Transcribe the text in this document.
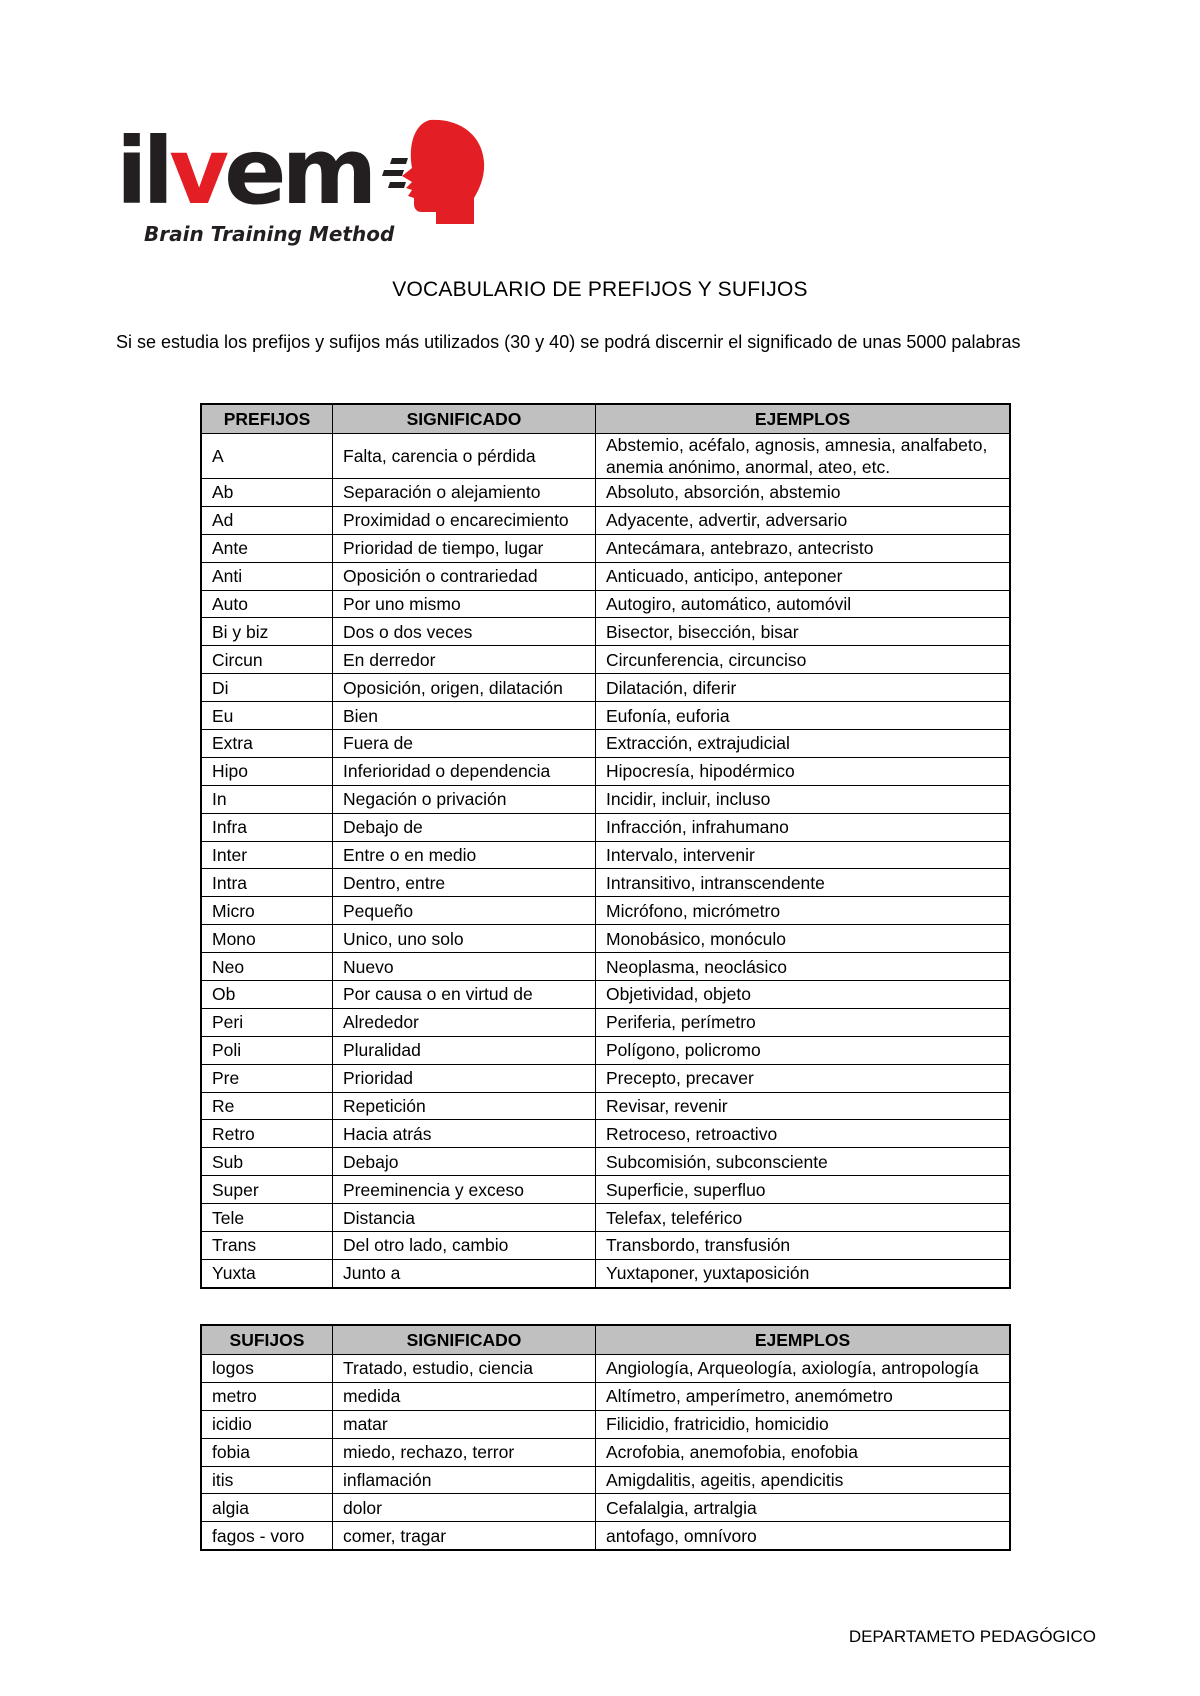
ilvem
Brain Training Method
VOCABULARIO DE PREFIJOS Y SUFIJOS
Si se estudia los prefijos y sufijos más utilizados (30 y 40) se podrá discernir el significado de unas 5000 palabras
PREFIJOS	SIGNIFICADO	EJEMPLOS
A	Falta, carencia o pérdida	Abstemio, acéfalo, agnosis, amnesia, analfabeto, anemia anónimo, anormal, ateo, etc.
Ab	Separación o alejamiento	Absoluto, absorción, abstemio
Ad	Proximidad o encarecimiento	Adyacente, advertir, adversario
Ante	Prioridad de tiempo, lugar	Antecámara, antebrazo, antecristo
Anti	Oposición o contrariedad	Anticuado, anticipo, anteponer
Auto	Por uno mismo	Autogiro, automático, automóvil
Bi y biz	Dos o dos veces	Bisector, bisección, bisar
Circun	En derredor	Circunferencia, circunciso
Di	Oposición, origen, dilatación	Dilatación, diferir
Eu	Bien	Eufonía, euforia
Extra	Fuera de	Extracción, extrajudicial
Hipo	Inferioridad o dependencia	Hipocresía, hipodérmico
In	Negación o privación	Incidir, incluir, incluso
Infra	Debajo de	Infracción, infrahumano
Inter	Entre o en medio	Intervalo, intervenir
Intra	Dentro, entre	Intransitivo, intranscendente
Micro	Pequeño	Micrófono, micrómetro
Mono	Unico, uno solo	Monobásico, monóculo
Neo	Nuevo	Neoplasma, neoclásico
Ob	Por causa o en virtud de	Objetividad, objeto
Peri	Alrededor	Periferia, perímetro
Poli	Pluralidad	Polígono, policromo
Pre	Prioridad	Precepto, precaver
Re	Repetición	Revisar, revenir
Retro	Hacia atrás	Retroceso, retroactivo
Sub	Debajo	Subcomisión, subconsciente
Super	Preeminencia y exceso	Superficie, superfluo
Tele	Distancia	Telefax, teleférico
Trans	Del otro lado, cambio	Transbordo, transfusión
Yuxta	Junto a	Yuxtaponer, yuxtaposición
SUFIJOS	SIGNIFICADO	EJEMPLOS
logos	Tratado, estudio, ciencia	Angiología, Arqueología, axiología, antropología
metro	medida	Altímetro, amperímetro, anemómetro
icidio	matar	Filicidio, fratricidio, homicidio
fobia	miedo, rechazo, terror	Acrofobia, anemofobia, enofobia
itis	inflamación	Amigdalitis, ageitis, apendicitis
algia	dolor	Cefalalgia, artralgia
fagos - voro	comer, tragar	antofago, omnívoro
DEPARTAMETO PEDAGÓGICO
